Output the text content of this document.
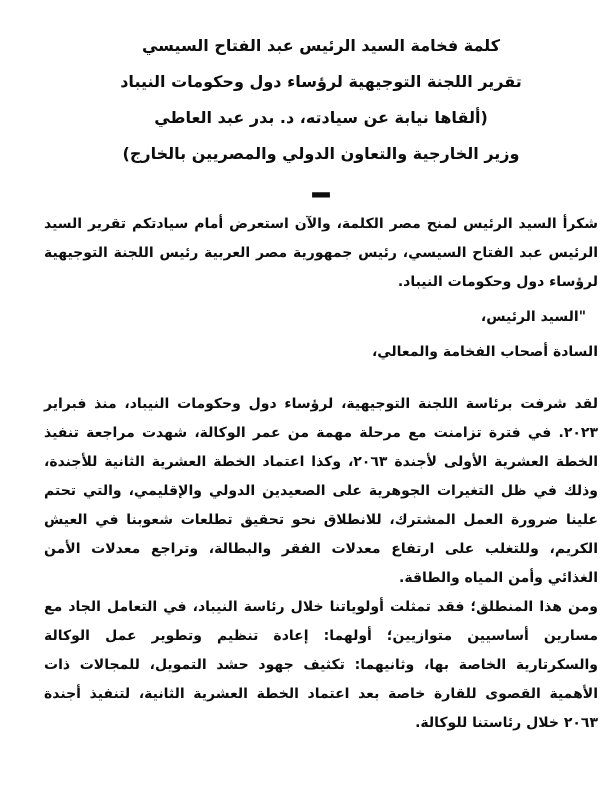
كلمة فخامة السيد الرئيس عبد الفتاح السيسي
تقرير اللجنة التوجيهية لرؤساء دول وحكومات النيباد
(ألقاها نيابة عن سيادته، د. بدر عبد العاطي
وزير الخارجية والتعاون الدولي والمصريين بالخارج)
—

شكرأ السيد الرئيس لمنح مصر الكلمة، والآن استعرض أمام سيادتكم تقرير السيد الرئيس عبد الفتاح السيسي، رئيس جمهورية مصر العربية رئيس اللجنة التوجيهية لرؤساء دول وحكومات النيباد.

"السيد الرئيس،

السادة أصحاب الفخامة والمعالي،

لقد شرفت برئاسة اللجنة التوجيهية، لرؤساء دول وحكومات النيباد، منذ فبراير ٢٠٢٣. في فترة تزامنت مع مرحلة مهمة من عمر الوكالة، شهدت مراجعة تنفيذ الخطة العشرية الأولى لأجندة ٢٠٦٣، وكذا اعتماد الخطة العشرية الثانية للأجندة، وذلك في ظل التغيرات الجوهرية على الصعيدين الدولي والإقليمي، والتي تحتم علينا ضرورة العمل المشترك، للانطلاق نحو تحقيق تطلعات شعوبنا في العيش الكريم، وللتغلب على ارتفاع معدلات الفقر والبطالة، وتراجع معدلات الأمن الغذائي وأمن المياه والطاقة.

ومن هذا المنطلق؛ فقد تمثلت أولوياتنا خلال رئاسة النيباد، في التعامل الجاد مع مسارين أساسيين متوازيين؛ أولهما: إعادة تنظيم وتطوير عمل الوكالة والسكرتارية الخاصة بها، وثانيهما: تكثيف جهود حشد التمويل، للمجالات ذات الأهمية القصوى للقارة خاصة بعد اعتماد الخطة العشرية الثانية، لتنفيذ أجندة ٢٠٦٣ خلال رئاستنا للوكالة.
